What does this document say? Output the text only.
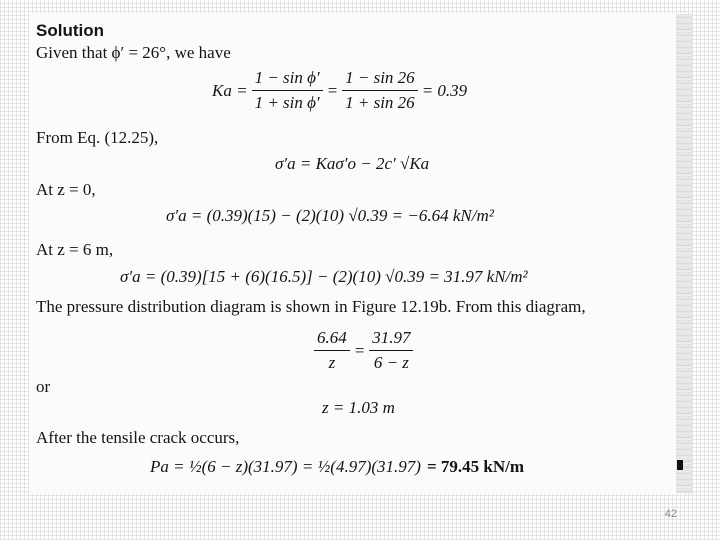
Solution
Given that ϕ′ = 26°, we have
$Ka = \frac{\text{1 − sin ϕ′}}{\text{1 + sin ϕ′}} = \frac{1 - \sin 26}{1 + \sin 26} = 0.39$
From Eq. (12.25),
σ′a = Kaσ′o − 2c′ √Ka
At z = 0,
σ′a = (0.39)(15) − (2)(10) √0.39 = −6.64 kN/m²
At z = 6 m,
σ′a = (0.39)[15 + (6)(16.5)] − (2)(10) √0.39 = 31.97 kN/m²
The pressure distribution diagram is shown in Figure 12.19b. From this diagram,
$\frac{6.64}{z} = \frac{31.97}{6 - z}$
or
z = 1.03 m
After the tensile crack occurs,
Pa = ½(6 − z)(31.97) = ½(4.97)(31.97) = 79.45 kN/m
42
